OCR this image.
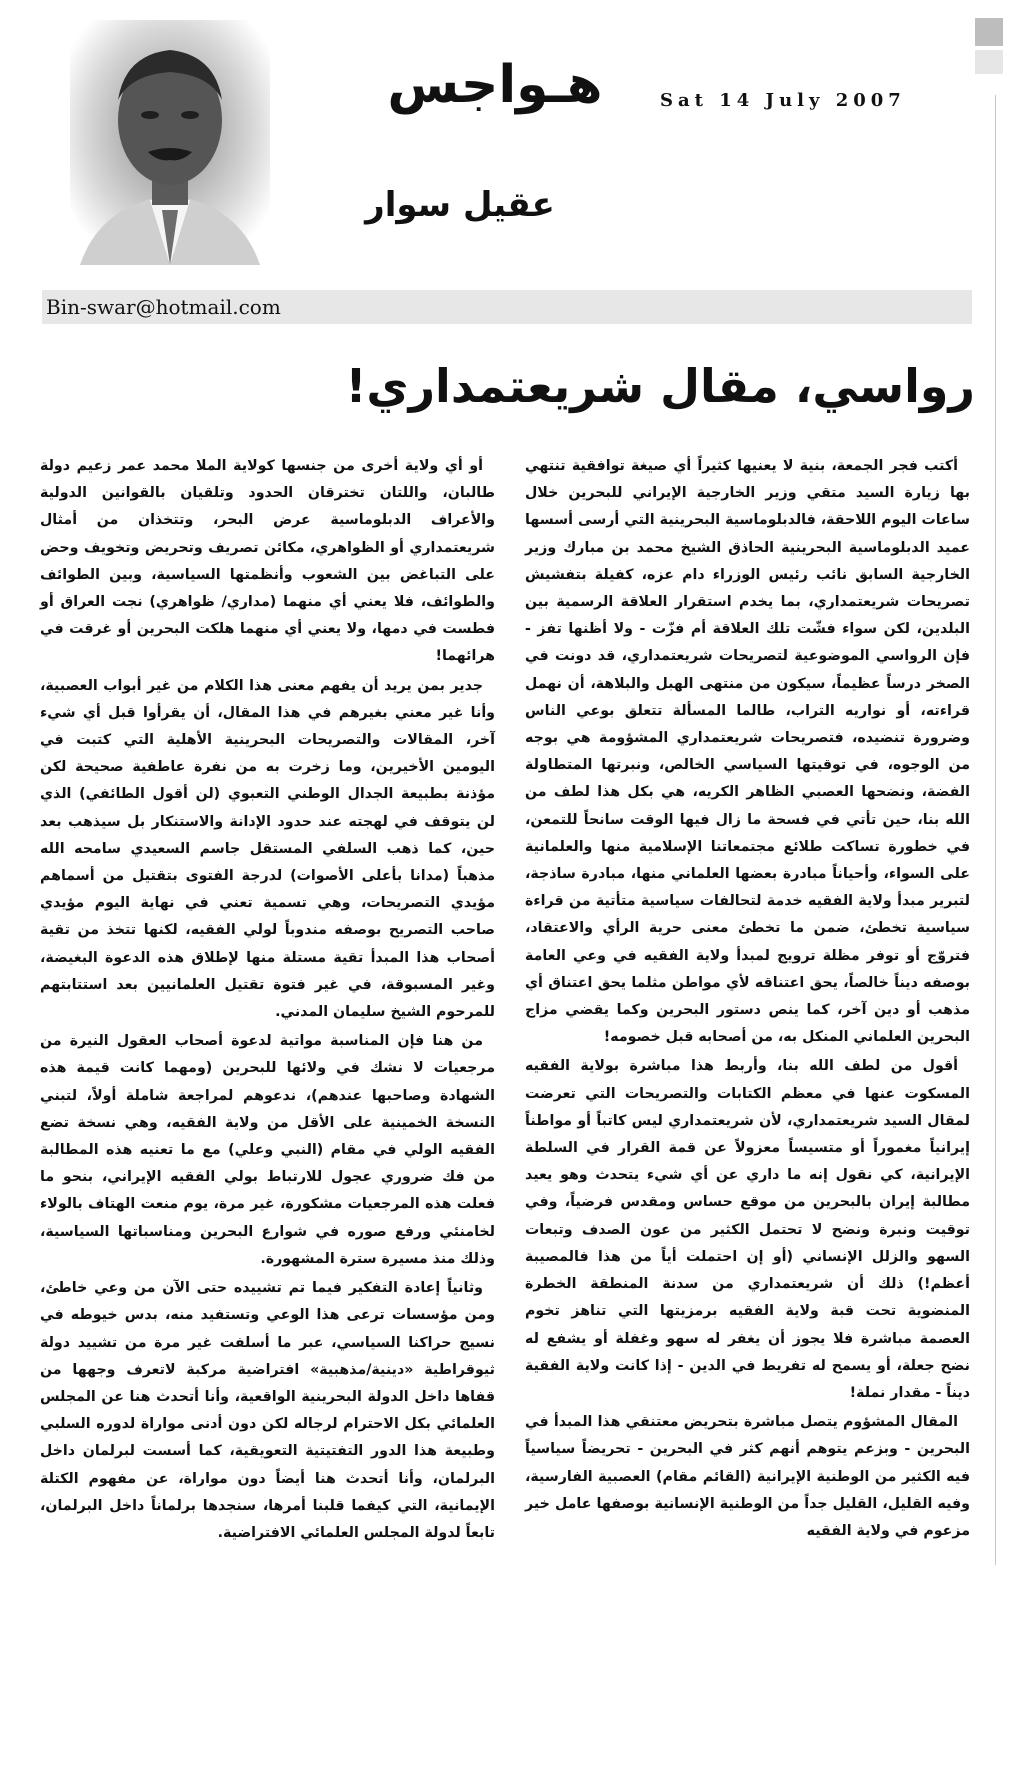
هـواجس
عقيل سوار
Sat 14 July 2007
Bin-swar@hotmail.com
رواسي، مقال شريعتمداري!

أكتب فجر الجمعة، بنية لا يعنيها كثيراً أي صيغة توافقية تنتهي بها زيارة السيد متقي وزير الخارجية الإيراني للبحرين خلال ساعات اليوم اللاحقة، فالدبلوماسية البحرينية التي أرسى أسسها عميد الدبلوماسية البحرينية الحاذق الشيخ محمد بن مبارك وزير الخارجية السابق نائب رئيس الوزراء دام عزه، كفيلة بتفشيش تصريحات شريعتمداري، بما يخدم استقرار العلاقة الرسمية بين البلدين، لكن سواء فشّت تلك العلاقة أم فزّت - ولا أظنها تفز - فإن الرواسي الموضوعية لتصريحات شريعتمداري، قد دونت في الصخر درساً عظيماً، سيكون من منتهى الهبل والبلاهة، أن نهمل قراءته، أو نواريه التراب، طالما المسألة تتعلق بوعي الناس وضرورة تنضيده، فتصريحات شريعتمداري المشؤومة هي بوجه من الوجوه، في توقيتها السياسي الخالص، ونبرتها المتطاولة الفضة، ونضحها العصبي الظاهر الكريه، هي بكل هذا لطف من الله بنا، حين تأتي في فسحة ما زال فيها الوقت سانحاً للتمعن، في خطورة تساكت طلائع مجتمعاتنا الإسلامية منها والعلمانية على السواء، وأحياناً مبادرة بعضها العلماني منها، مبادرة ساذجة، لتبرير مبدأ ولاية الفقيه خدمة لتحالفات سياسية متأتية من قراءة سياسية تخطئ، ضمن ما تخطئ معنى حرية الرأي والاعتقاد، فتروّج أو توفر مظلة ترويج لمبدأ ولاية الفقيه في وعي العامة بوصفه ديناً خالصاً، يحق اعتناقه لأي مواطن مثلما يحق اعتناق أي مذهب أو دين آخر، كما ينص دستور البحرين وكما يقضي مزاج البحرين العلماني المنكل به، من أصحابه قبل خصومه!

أقول من لطف الله بنا، وأربط هذا مباشرة بولاية الفقيه المسكوت عنها في معظم الكتابات والتصريحات التي تعرضت لمقال السيد شريعتمداري، لأن شريعتمداري ليس كاتباً أو مواطناً إيرانياً مغموراً أو متسيساً معزولاً عن قمة القرار في السلطة الإيرانية، كي نقول إنه ما داري عن أي شيء يتحدث وهو يعيد مطالبة إيران بالبحرين من موقع حساس ومقدس فرضياً، وفي توقيت ونبرة ونضح لا تحتمل الكثير من عون الصدف وتبعات السهو والزلل الإنساني (أو إن احتملت أياً من هذا فالمصيبة أعظم!) ذلك أن شريعتمداري من سدنة المنطقة الخطرة المنضوية تحت قبة ولاية الفقيه برمزيتها التي تناهز تخوم العصمة مباشرة فلا يجوز أن يغفر له سهو وغفلة أو يشفع له نضح جعلة، أو يسمح له تفريط في الدين - إذا كانت ولاية الفقية ديناً - مقدار نملة!

المقال المشؤوم يتصل مباشرة بتحريض معتنقي هذا المبدأ في البحرين - وبزعم يتوهم أنهم كثر في البحرين - تحريضاً سياسياً فيه الكثير من الوطنية الإيرانية (القائم مقام) العصبية الفارسية، وفيه القليل، القليل جداً من الوطنية الإنسانية بوصفها عامل خير مزعوم في ولاية الفقيه

أو أي ولاية أخرى من جنسها كولاية الملا محمد عمر زعيم دولة طالبان، واللتان تخترقان الحدود وتلقيان بالقوانين الدولية والأعراف الدبلوماسية عرض البحر، وتتخذان من أمثال شريعتمداري أو الظواهري، مكائن تصريف وتحريض وتخويف وحض على التباغض بين الشعوب وأنظمتها السياسية، وبين الطوائف والطوائف، فلا يعني أي منهما (مداري/ ظواهري) نجت العراق أو فطست في دمها، ولا يعني أي منهما هلكت البحرين أو غرقت في هرائهما!

جدير بمن يريد أن يفهم معنى هذا الكلام من غير أبواب العصبية، وأنا غير معني بغيرهم في هذا المقال، أن يقرأوا قبل أي شيء آخر، المقالات والتصريحات البحرينية الأهلية التي كتبت في اليومين الأخيرين، وما زخرت به من نفرة عاطفية صحيحة لكن مؤذنة بطبيعة الجدال الوطني التعبوي (لن أقول الطائفي) الذي لن يتوقف في لهجته عند حدود الإدانة والاستنكار بل سيذهب بعد حين، كما ذهب السلفي المستقل جاسم السعيدي سامحه الله مذهباً (مدانا بأعلى الأصوات) لدرجة الفتوى بتقتيل من أسماهم مؤيدي التصريحات، وهي تسمية تعني في نهاية اليوم مؤيدي صاحب التصريح بوصفه مندوباً لولي الفقيه، لكنها تتخذ من تقية أصحاب هذا المبدأ تقية مستلة منها لإطلاق هذه الدعوة البغيضة، وغير المسبوقة، في غير فتوة تقتيل العلمانيين بعد استتابتهم للمرحوم الشيخ سليمان المدني.

من هنا فإن المناسبة مواتية لدعوة أصحاب العقول النيرة من مرجعيات لا نشك في ولائها للبحرين (ومهما كانت قيمة هذه الشهادة وصاحبها عندهم)، ندعوهم لمراجعة شاملة أولاً، لتبني النسخة الخمينية على الأقل من ولاية الفقيه، وهي نسخة تضع الفقيه الولي في مقام (النبي وعلي) مع ما تعنيه هذه المطالبة من فك ضروري عجول للارتباط بولي الفقيه الإيراني، بنحو ما فعلت هذه المرجعيات مشكورة، غير مرة، يوم منعت الهتاف بالولاء لخامنئي ورفع صوره في شوارع البحرين ومناسباتها السياسية، وذلك منذ مسيرة سترة المشهورة.

وثانياً إعادة التفكير فيما تم تشييده حتى الآن من وعي خاطئ، ومن مؤسسات ترعى هذا الوعي وتستفيد منه، بدس خيوطه في نسيج حراكنا السياسي، عبر ما أسلفت غير مرة من تشييد دولة ثيوقراطية «دينية/مذهبية» افتراضية مركبة لاتعرف وجهها من قفاها داخل الدولة البحرينية الواقعية، وأنا أتحدث هنا عن المجلس العلمائي بكل الاحترام لرجاله لكن دون أدنى مواراة لدوره السلبي وطبيعة هذا الدور التفتيتية التعويقية، كما أسست لبرلمان داخل البرلمان، وأنا أتحدث هنا أيضاً دون مواراة، عن مفهوم الكتلة الإيمانية، التي كيفما قلبنا أمرها، سنجدها برلماناً داخل البرلمان، تابعاً لدولة المجلس العلمائي الافتراضية.
